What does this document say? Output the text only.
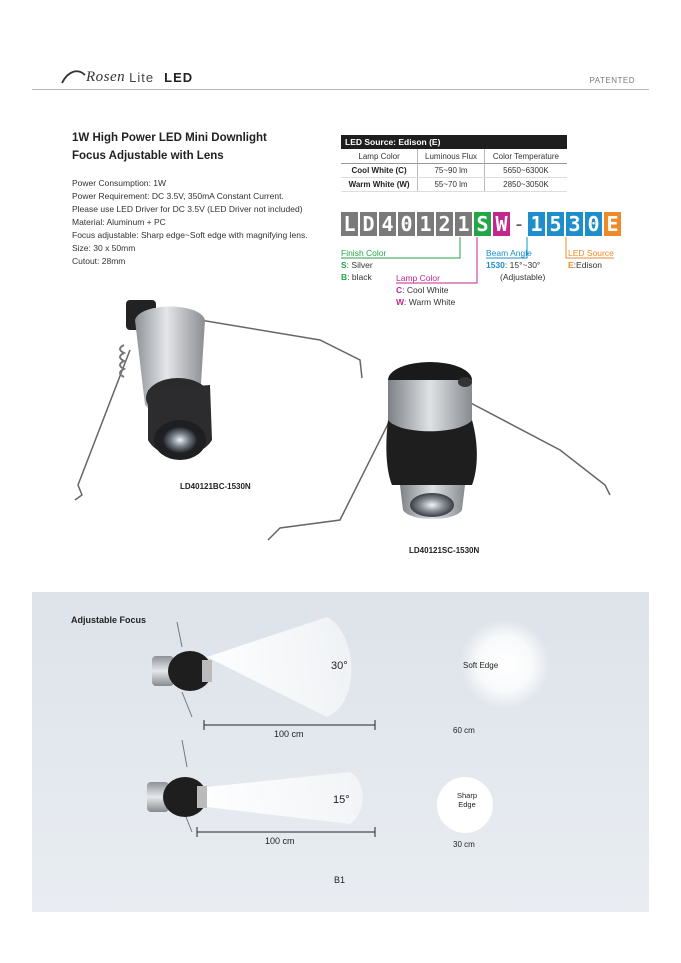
Rosen Lite LED	PATENTED
1W High Power LED Mini Downlight
Focus Adjustable with Lens
Power Consumption: 1W
Power Requirement: DC 3.5V, 350mA Constant Current.
Please use LED Driver for DC 3.5V (LED Driver not included)
Material: Aluminum + PC
Focus adjustable: Sharp edge~Soft edge with magnifying lens.
Size: 30 x 50mm
Cutout: 28mm
LED Source: Edison (E)		
Lamp Color	Luminous Flux	Color Temperature
Cool White (C)	75~90 lm	5650~6300K
Warm White (W)	55~70 lm	2850~3050K
L D 4 0 1 2 1 S W - 1 5 3 0 E
Finish Color
S: Silver
B: black	Lamp Color
C: Cool White
W: Warm White
Beam Angle
1530: 15°~30°
(Adjustable)
LED Source
E:Edison
LD40121BC-1530N
LD40121SC-1530N
Adjustable Focus
30°	Soft Edge
100 cm	60 cm
15°	Sharp
Edge
100 cm	30 cm
B1
